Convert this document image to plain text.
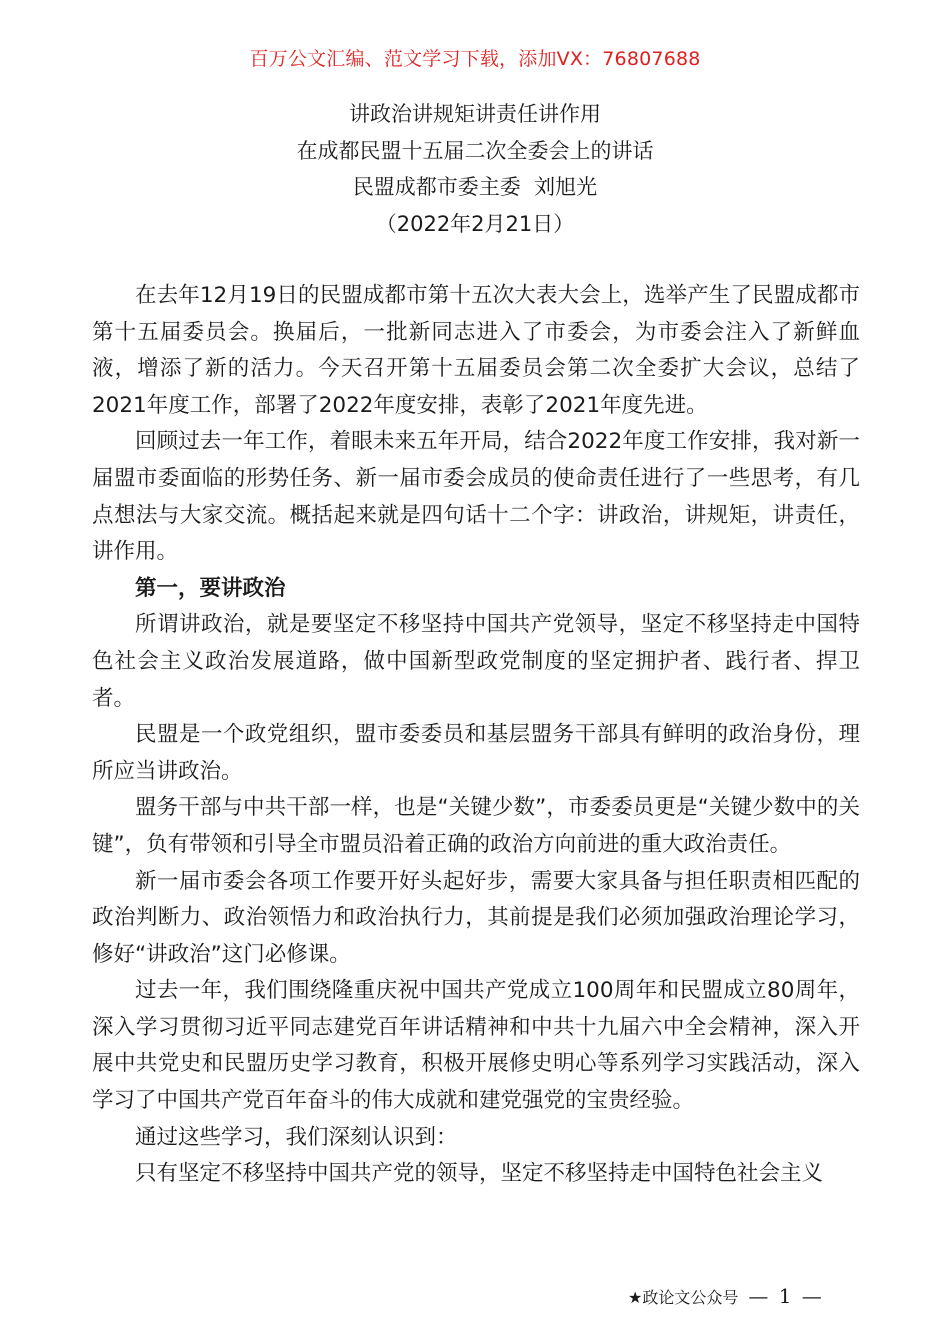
百万公文汇编、范文学习下载，添加VX：76807688
讲政治讲规矩讲责任讲作用
在成都民盟十五届二次全委会上的讲话
民盟成都市委主委  刘旭光
（2022年2月21日）

在去年12月19日的民盟成都市第十五次大表大会上，选举产生了民盟成都市第十五届委员会。换届后，一批新同志进入了市委会，为市委会注入了新鲜血液，增添了新的活力。今天召开第十五届委员会第二次全委扩大会议，总结了2021年度工作，部署了2022年度安排，表彰了2021年度先进。

回顾过去一年工作，着眼未来五年开局，结合2022年度工作安排，我对新一届盟市委面临的形势任务、新一届市委会成员的使命责任进行了一些思考，有几点想法与大家交流。概括起来就是四句话十二个字：讲政治，讲规矩，讲责任，讲作用。

第一，要讲政治

所谓讲政治，就是要坚定不移坚持中国共产党领导，坚定不移坚持走中国特色社会主义政治发展道路，做中国新型政党制度的坚定拥护者、践行者、捍卫者。

民盟是一个政党组织，盟市委委员和基层盟务干部具有鲜明的政治身份，理所应当讲政治。

盟务干部与中共干部一样，也是“关键少数”，市委委员更是“关键少数中的关键”，负有带领和引导全市盟员沿着正确的政治方向前进的重大政治责任。

新一届市委会各项工作要开好头起好步，需要大家具备与担任职责相匹配的政治判断力、政治领悟力和政治执行力，其前提是我们必须加强政治理论学习，修好“讲政治”这门必修课。

过去一年，我们围绕隆重庆祝中国共产党成立100周年和民盟成立80周年，深入学习贯彻习近平同志建党百年讲话精神和中共十九届六中全会精神，深入开展中共党史和民盟历史学习教育，积极开展修史明心等系列学习实践活动，深入学习了中国共产党百年奋斗的伟大成就和建党强党的宝贵经验。

通过这些学习，我们深刻认识到：

只有坚定不移坚持中国共产党的领导，坚定不移坚持走中国特色社会主义

★政论文公众号 — 1 —
